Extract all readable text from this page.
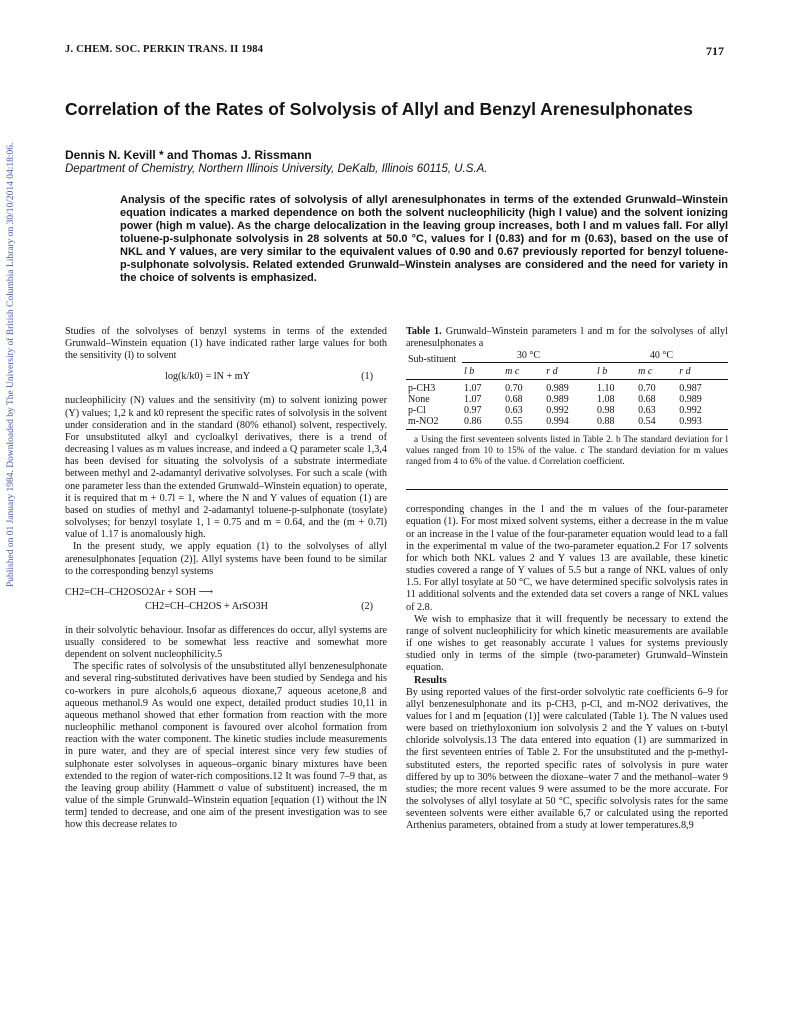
Published on 01 January 1984. Downloaded by The University of British Columbia Library on 30/10/2014 04:18:06.
J. CHEM. SOC. PERKIN TRANS. II 1984	717
Correlation of the Rates of Solvolysis of Allyl and Benzyl Arenesulphonates

Dennis N. Kevill * and Thomas J. Rissmann

Department of Chemistry, Northern Illinois University, DeKalb, Illinois 60115, U.S.A.

Analysis of the specific rates of solvolysis of allyl arenesulphonates in terms of the extended Grunwald–Winstein equation indicates a marked dependence on both the solvent nucleophilicity (high l value) and the solvent ionizing power (high m value). As the charge delocalization in the leaving group increases, both l and m values fall. For allyl toluene-p-sulphonate solvolysis in 28 solvents at 50.0 °C, values for l (0.83) and for m (0.63), based on the use of NKL and Y values, are very similar to the equivalent values of 0.90 and 0.67 previously reported for benzyl toluene-p-sulphonate solvolysis. Related extended Grunwald–Winstein analyses are considered and the need for variety in the choice of solvents is emphasized.

Studies of the solvolyses of benzyl systems in terms of the extended Grunwald–Winstein equation (1) have indicated rather large values for both the sensitivity (l) to solvent

log(k/k0) = lN + mY	(1)

nucleophilicity (N) values and the sensitivity (m) to solvent ionizing power (Y) values; 1,2 k and k0 represent the specific rates of solvolysis in the solvent under consideration and in the standard (80% ethanol) solvent, respectively. For unsubstituted alkyl and cycloalkyl derivatives, there is a trend of decreasing l values as m values increase, and indeed a Q parameter scale 1,3,4 has been devised for situating the solvolysis of a substrate intermediate between methyl and 2-adamantyl derivative solvolyses. For such a scale (with one parameter less than the extended Grunwald–Winstein equation) to operate, it is required that m + 0.7l = 1, where the N and Y values of equation (1) are based on studies of methyl and 2-adamantyl toluene-p-sulphonate (tosylate) solvolyses; for benzyl tosylate 1, l = 0.75 and m = 0.64, and the (m + 0.7l) value of 1.17 is anomalously high.

In the present study, we apply equation (1) to the solvolyses of allyl arenesulphonates [equation (2)]. Allyl systems have been found to be similar to the corresponding benzyl systems

CH2=CH–CH2OSO2Ar + SOH ⟶
CH2=CH–CH2OS + ArSO3H	(2)

in their solvolytic behaviour. Insofar as differences do occur, allyl systems are usually considered to be somewhat less reactive and somewhat more dependent on solvent nucleophilicity.5

The specific rates of solvolysis of the unsubstituted allyl benzenesulphonate and several ring-substituted derivatives have been studied by Sendega and his co-workers in pure alcohols,6 aqueous dioxane,7 aqueous acetone,8 and aqueous methanol.9 As would one expect, detailed product studies 10,11 in aqueous methanol showed that ether formation from reaction with the more nucleophilic methanol component is favoured over alcohol formation from reaction with the water component. The kinetic studies include measurements in pure water, and they are of special interest since very few studies of sulphonate ester solvolyses in aqueous–organic binary mixtures have been extended to the region of water-rich compositions.12 It was found 7–9 that, as the leaving group ability (Hammett σ value of substituent) increased, the m value of the simple Grunwald–Winstein equation [equation (1) without the lN term] tended to decrease, and one aim of the present investigation was to see how this decrease relates to

Table 1. Grunwald–Winstein parameters l and m for the solvolyses of allyl arenesulphonates a

Sub-stituent	30 °C			40 °C		

	l b	m c	r d	l b	m c	r d
p-CH3	1.07	0.70	0.989	1.10	0.70	0.987
None	1.07	0.68	0.989	1.08	0.68	0.989
p-Cl	0.97	0.63	0.992	0.98	0.63	0.992
m-NO2	0.86	0.55	0.994	0.88	0.54	0.993

a Using the first seventeen solvents listed in Table 2. b The standard deviation for l values ranged from 10 to 15% of the value. c The standard deviation for m values ranged from 4 to 6% of the value. d Correlation coefficient.

corresponding changes in the l and the m values of the four-parameter equation (1). For most mixed solvent systems, either a decrease in the m value or an increase in the l value of the four-parameter equation would lead to a fall in the experimental m value of the two-parameter equation.2 For 17 solvents for which both NKL values 2 and Y values 13 are available, these kinetic studies covered a range of Y values of 5.5 but a range of NKL values of only 1.5. For allyl tosylate at 50 °C, we have determined specific solvolysis rates in 11 additional solvents and the extended data set covers a range of NKL values of 2.8.

We wish to emphasize that it will frequently be necessary to extend the range of solvent nucleophilicity for which kinetic measurements are available if one wishes to get reasonably accurate l values for systems previously studied only in terms of the simple (two-parameter) Grunwald–Winstein equation.

Results

By using reported values of the first-order solvolytic rate coefficients 6–9 for allyl benzenesulphonate and its p-CH3, p-Cl, and m-NO2 derivatives, the values for l and m [equation (1)] were calculated (Table 1). The N values used were based on triethyloxonium ion solvolysis 2 and the Y values on t-butyl chloride solvolysis.13 The data entered into equation (1) are summarized in the first seventeen entries of Table 2. For the unsubstituted and the p-methyl-substituted esters, the reported specific rates of solvolysis in pure water differed by up to 30% between the dioxane–water 7 and the methanol–water 9 studies; the more recent values 9 were assumed to be the more accurate. For the solvolyses of allyl tosylate at 50 °C, specific solvolysis rates for the same seventeen solvents were either available 6,7 or calculated using the reported Arthenius parameters, obtained from a study at lower temperatures.8,9
